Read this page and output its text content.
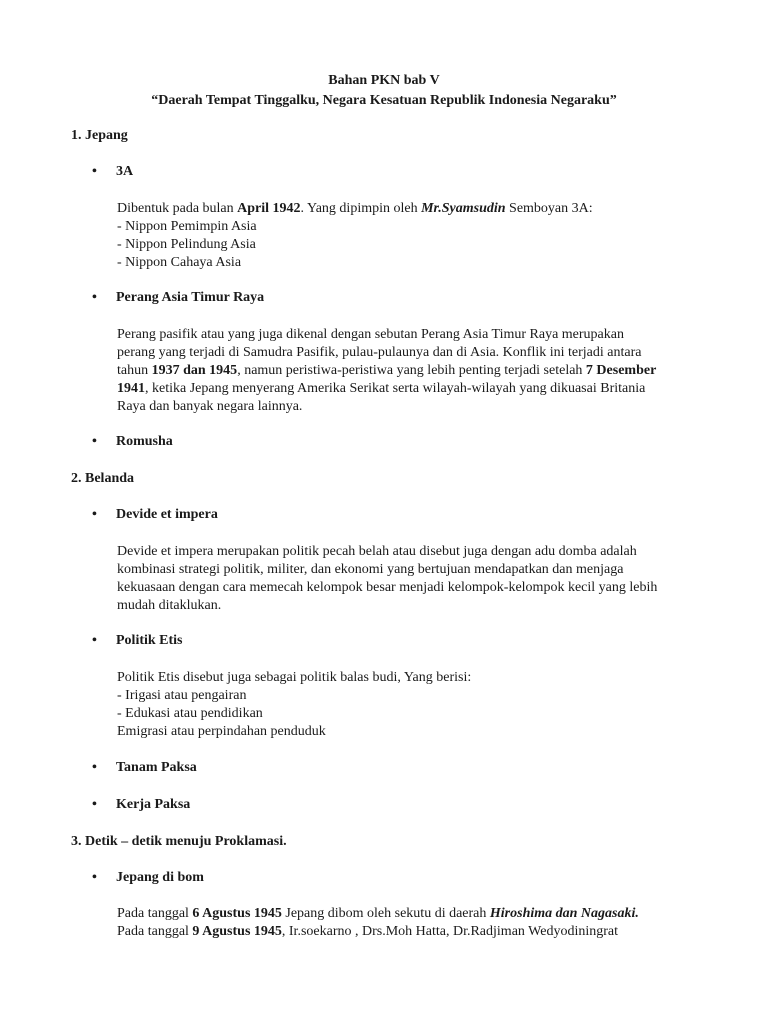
Bahan PKN bab V
“Daerah Tempat Tinggalku, Negara Kesatuan Republik Indonesia Negaraku”
1. Jepang
• 3A
Dibentuk pada bulan April 1942. Yang dipimpin oleh Mr.Syamsudin Semboyan 3A:
- Nippon Pemimpin Asia
- Nippon Pelindung Asia
- Nippon Cahaya Asia
• Perang Asia Timur Raya
Perang pasifik atau yang juga dikenal dengan sebutan Perang Asia Timur Raya merupakan
perang yang terjadi di Samudra Pasifik, pulau-pulaunya dan di Asia. Konflik ini terjadi antara
tahun 1937 dan 1945, namun peristiwa-peristiwa yang lebih penting terjadi setelah 7 Desember
1941, ketika Jepang menyerang Amerika Serikat serta wilayah-wilayah yang dikuasai Britania
Raya dan banyak negara lainnya.
• Romusha
2. Belanda
• Devide et impera
Devide et impera merupakan politik pecah belah atau disebut juga dengan adu domba adalah
kombinasi strategi politik, militer, dan ekonomi yang bertujuan mendapatkan dan menjaga
kekuasaan dengan cara memecah kelompok besar menjadi kelompok-kelompok kecil yang lebih
mudah ditaklukan.
• Politik Etis
Politik Etis disebut juga sebagai politik balas budi, Yang berisi:
- Irigasi atau pengairan
- Edukasi atau pendidikan
Emigrasi atau perpindahan penduduk
• Tanam Paksa
• Kerja Paksa
3. Detik – detik menuju Proklamasi.
• Jepang di bom
Pada tanggal 6 Agustus 1945 Jepang dibom oleh sekutu di daerah Hiroshima dan Nagasaki.
Pada tanggal 9 Agustus 1945, Ir.soekarno , Drs.Moh Hatta, Dr.Radjiman Wedyodiningrat
